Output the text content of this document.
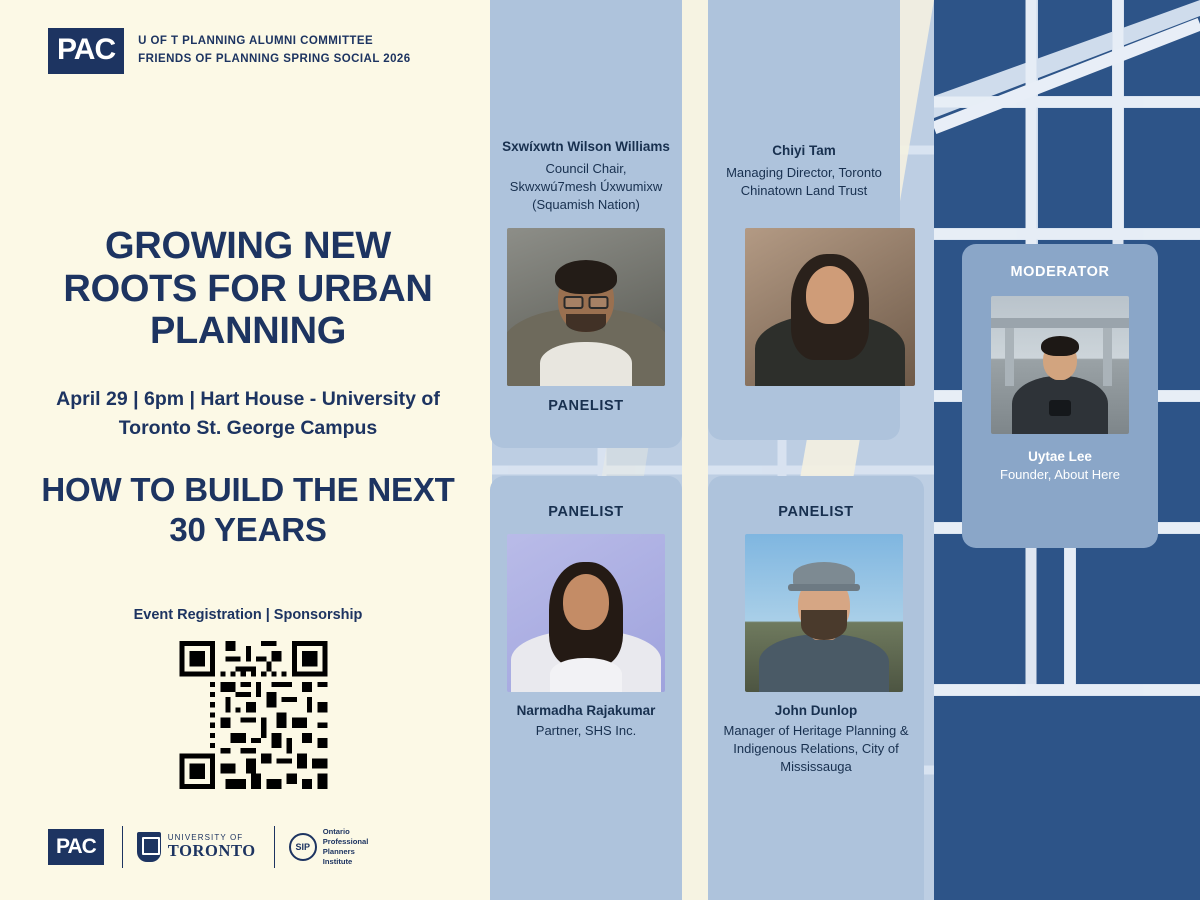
PAC	U OF T PLANNING ALUMNI COMMITTEE
FRIENDS OF PLANNING SPRING SOCIAL 2026
GROWING NEW ROOTS FOR URBAN PLANNING
April 29 | 6pm | Hart House - University of Toronto St. George Campus
HOW TO BUILD THE NEXT 30 YEARS
Event Registration | Sponsorship
PAC	UNIVERSITY OF
TORONTO
SIP
Ontario
Professional
Planners
Institute
Sxwíxwtn Wilson Williams
Council Chair, Skwxwú7mesh Úxwumixw (Squamish Nation)
PANELIST
Chiyi Tam
Managing Director, Toronto Chinatown Land Trust
PANELIST
Narmadha Rajakumar
Partner, SHS Inc.
PANELIST
John Dunlop
Manager of Heritage Planning & Indigenous Relations, City of Mississauga
MODERATOR
Uytae Lee
Founder, About Here
